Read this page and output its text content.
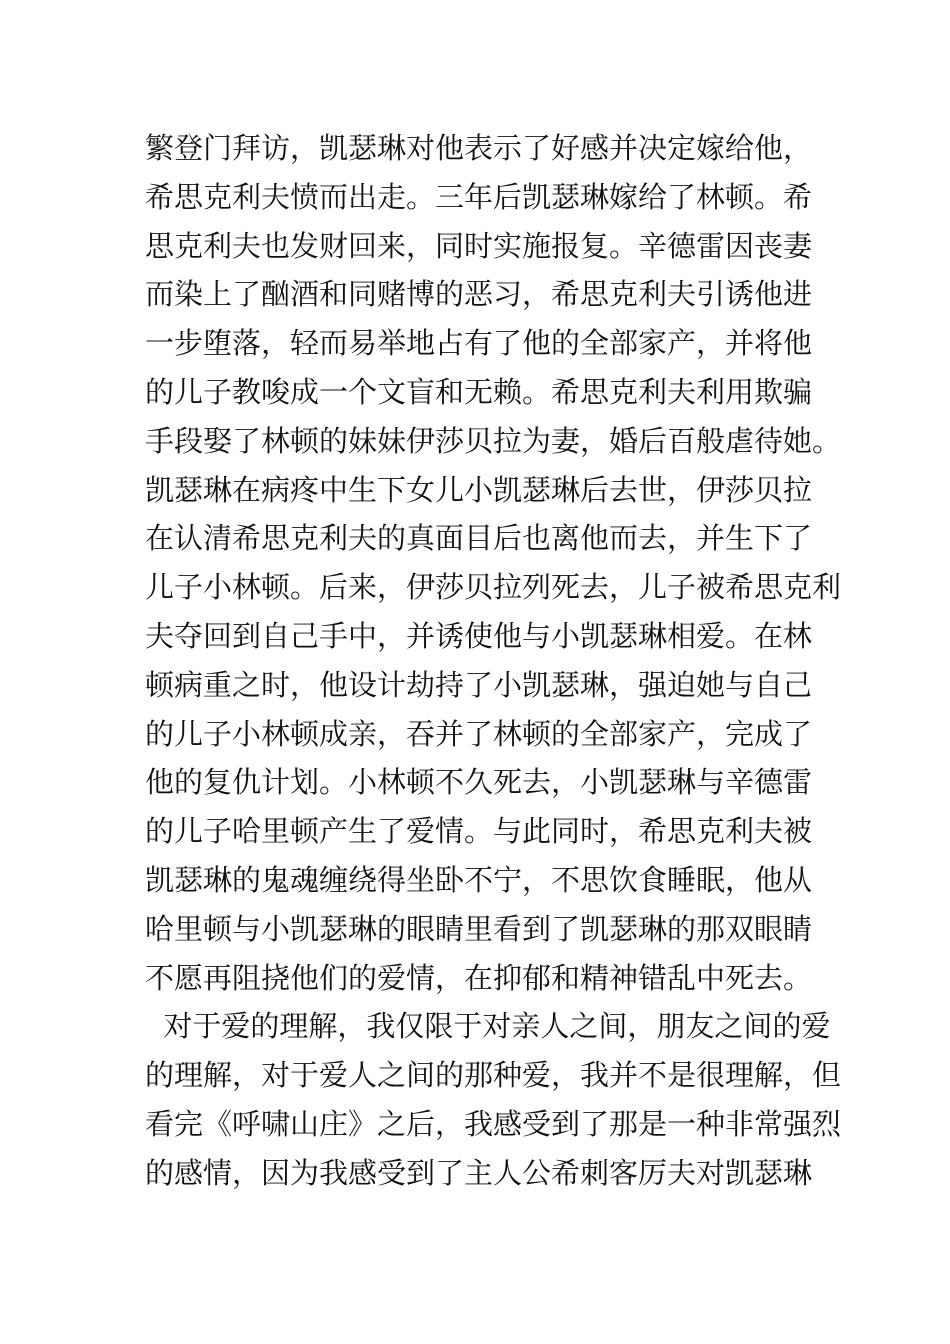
繁登门拜访，凯瑟琳对他表示了好感并决定嫁给他，
希思克利夫愤而出走。三年后凯瑟琳嫁给了林顿。希
思克利夫也发财回来，同时实施报复。辛德雷因丧妻
而染上了酗酒和同赌博的恶习，希思克利夫引诱他进
一步堕落，轻而易举地占有了他的全部家产，并将他
的儿子教唆成一个文盲和无赖。希思克利夫利用欺骗
手段娶了林顿的妹妹伊莎贝拉为妻，婚后百般虐待她。
凯瑟琳在病疼中生下女儿小凯瑟琳后去世，伊莎贝拉
在认清希思克利夫的真面目后也离他而去，并生下了
儿子小林顿。后来，伊莎贝拉列死去，儿子被希思克利
夫夺回到自己手中，并诱使他与小凯瑟琳相爱。在林
顿病重之时，他设计劫持了小凯瑟琳，强迫她与自己
的儿子小林顿成亲，吞并了林顿的全部家产，完成了
他的复仇计划。小林顿不久死去，小凯瑟琳与辛德雷
的儿子哈里顿产生了爱情。与此同时，希思克利夫被
凯瑟琳的鬼魂缠绕得坐卧不宁，不思饮食睡眠，他从
哈里顿与小凯瑟琳的眼睛里看到了凯瑟琳的那双眼睛
不愿再阻挠他们的爱情，在抑郁和精神错乱中死去。
对于爱的理解，我仅限于对亲人之间，朋友之间的爱
的理解，对于爱人之间的那种爱，我并不是很理解，但
看完《呼啸山庄》之后，我感受到了那是一种非常强烈
的感情，因为我感受到了主人公希刺客厉夫对凯瑟琳
